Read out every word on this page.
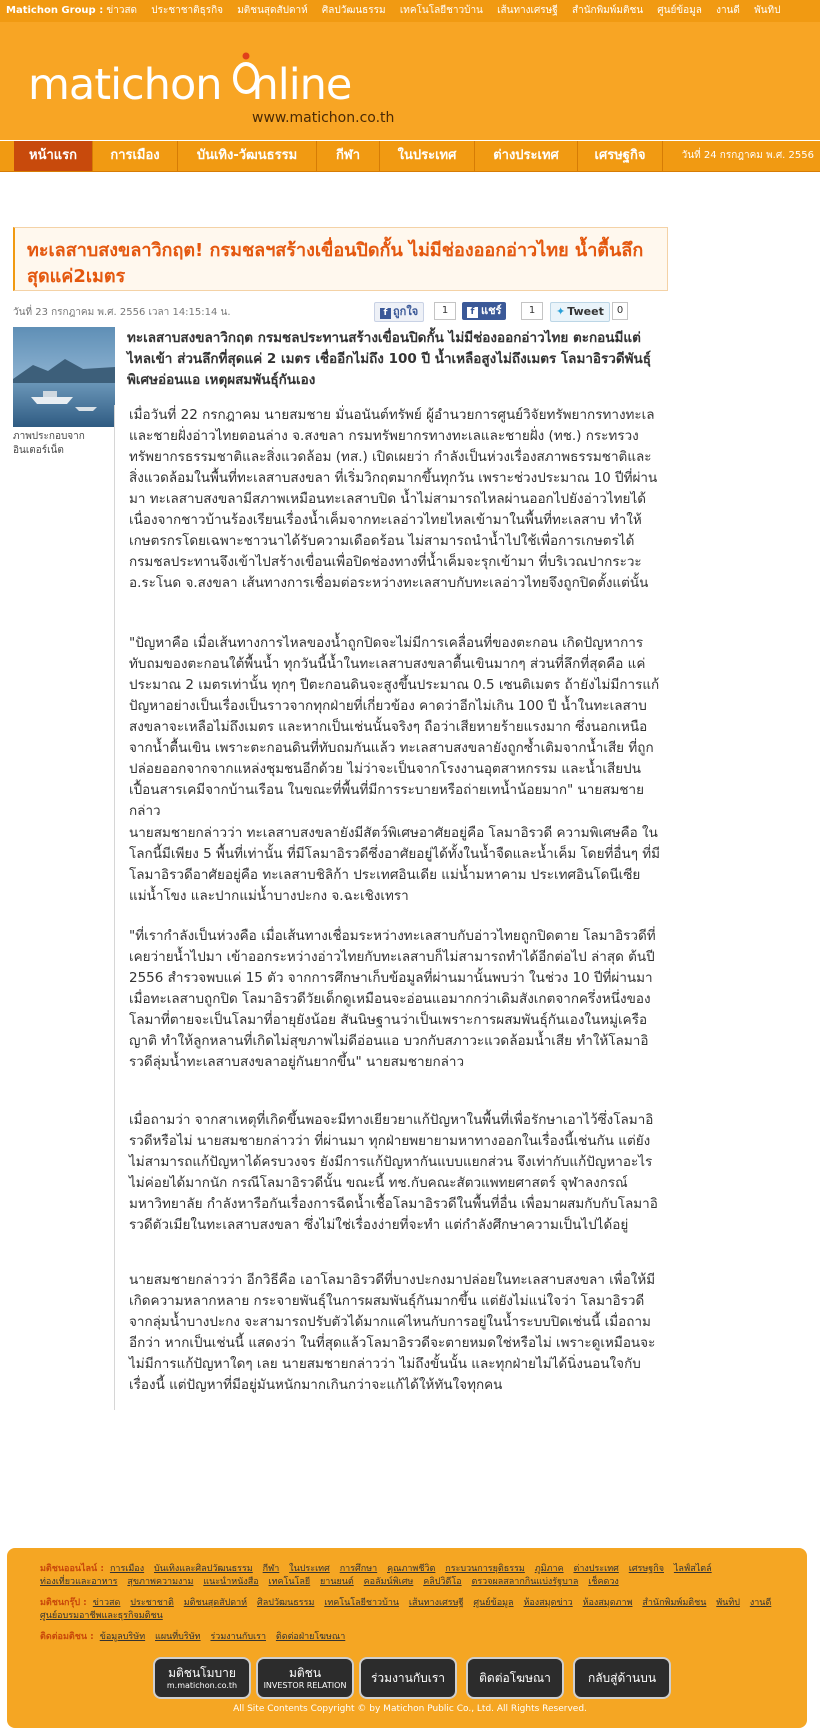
Matichon Group : ข่าวสด ประชาชาติธุรกิจ มติชนสุดสัปดาห์ ศิลปวัฒนธรรม เทคโนโลยีชาวบ้าน เส้นทางเศรษฐี สำนักพิมพ์มติชน ศูนย์ข้อมูล งานดี พันทิป
matichon nline
www.matichon.co.th
หน้าแรก	การเมือง	บันเทิง-วัฒนธรรม	กีฬา	ในประเทศ	ต่างประเทศ	เศรษฐกิจ	วันที่ 24 กรกฎาคม พ.ศ. 2556
ทะเลสาบสงขลาวิกฤต! กรมชลฯสร้างเขื่อนปิดกั้น ไม่มีช่องออกอ่าวไทย น้ำตื้นลึกสุดแค่2เมตร
วันที่ 23 กรกฎาคม พ.ศ. 2556 เวลา 14:15:14 น.	f ถูกใจ	1	f แชร์	1	✦ Tweet	0
ภาพประกอบจากอินเตอร์เน็ต
ทะเลสาบสงขลาวิกฤต กรมชลประทานสร้างเขื่อนปิดกั้น ไม่มีช่องออกอ่าวไทย ตะกอนมีแต่ไหลเข้า ส่วนลึกที่สุดแค่ 2 เมตร เชื่ออีกไม่ถึง 100 ปี น้ำเหลือสูงไม่ถึงเมตร โลมาอิรวดีพันธุ์พิเศษอ่อนแอ เหตุผสมพันธุ์กันเอง
เมื่อวันที่ 22 กรกฎาคม นายสมชาย มั่นอนันต์ทรัพย์ ผู้อำนวยการศูนย์วิจัยทรัพยากรทางทะเลและชายฝั่งอ่าวไทยตอนล่าง จ.สงขลา กรมทรัพยากรทางทะเลและชายฝั่ง (ทช.) กระทรวงทรัพยากรธรรมชาติและสิ่งแวดล้อม (ทส.) เปิดเผยว่า กำลังเป็นห่วงเรื่องสภาพธรรมชาติและสิ่งแวดล้อมในพื้นที่ทะเลสาบสงขลา ที่เริ่มวิกฤตมากขึ้นทุกวัน เพราะช่วงประมาณ 10 ปีที่ผ่านมา ทะเลสาบสงขลามีสภาพเหมือนทะเลสาบปิด น้ำไม่สามารถไหลผ่านออกไปยังอ่าวไทยได้ เนื่องจากชาวบ้านร้องเรียนเรื่องน้ำเค็มจากทะเลอ่าวไทยไหลเข้ามาในพื้นที่ทะเลสาบ ทำให้เกษตรกรโดยเฉพาะชาวนาได้รับความเดือดร้อน ไม่สามารถนำน้ำไปใช้เพื่อการเกษตรได้ กรมชลประทานจึงเข้าไปสร้างเขื่อนเพื่อปิดช่องทางที่น้ำเค็มจะรุกเข้ามา ที่บริเวณปากระวะ อ.ระโนด จ.สงขลา เส้นทางการเชื่อมต่อระหว่างทะเลสาบกับทะเลอ่าวไทยจึงถูกปิดตั้งแต่นั้น
"ปัญหาคือ เมื่อเส้นทางการไหลของน้ำถูกปิดจะไม่มีการเคลื่อนที่ของตะกอน เกิดปัญหาการทับถมของตะกอนใต้พื้นน้ำ ทุกวันนี้น้ำในทะเลสาบสงขลาตื้นเขินมากๆ ส่วนที่ลึกที่สุดคือ แค่ประมาณ 2 เมตรเท่านั้น ทุกๆ ปีตะกอนดินจะสูงขึ้นประมาณ 0.5 เซนติเมตร ถ้ายังไม่มีการแก้ปัญหาอย่างเป็นเรื่องเป็นราวจากทุกฝ่ายที่เกี่ยวข้อง คาดว่าอีกไม่เกิน 100 ปี น้ำในทะเลสาบสงขลาจะเหลือไม่ถึงเมตร และหากเป็นเช่นนั้นจริงๆ ถือว่าเสียหายร้ายแรงมาก ซึ่งนอกเหนือจากน้ำตื้นเขิน เพราะตะกอนดินที่ทับถมกันแล้ว ทะเลสาบสงขลายังถูกซ้ำเติมจากน้ำเสีย ที่ถูกปล่อยออกจากจากแหล่งชุมชนอีกด้วย ไม่ว่าจะเป็นจากโรงงานอุตสาหกรรม และน้ำเสียปนเปื้อนสารเคมีจากบ้านเรือน ในขณะที่พื้นที่มีการระบายหรือถ่ายเทน้ำน้อยมาก" นายสมชายกล่าว
นายสมชายกล่าวว่า ทะเลสาบสงขลายังมีสัตว์พิเศษอาศัยอยู่คือ โลมาอิรวดี ความพิเศษคือ ในโลกนี้มีเพียง 5 พื้นที่เท่านั้น ที่มีโลมาอิรวดีซึ่งอาศัยอยู่ได้ทั้งในน้ำจืดและน้ำเค็ม โดยที่อื่นๆ ที่มีโลมาอิรวดีอาศัยอยู่คือ ทะเลสาบชิลิก้า ประเทศอินเดีย แม่น้ำมหาคาม ประเทศอินโดนีเซีย แม่น้ำโขง และปากแม่น้ำบางปะกง จ.ฉะเชิงเทรา
"ที่เรากำลังเป็นห่วงคือ เมื่อเส้นทางเชื่อมระหว่างทะเลสาบกับอ่าวไทยถูกปิดตาย โลมาอิรวดีที่เคยว่ายน้ำไปมา เข้าออกระหว่างอ่าวไทยกับทะเลสาบก็ไม่สามารถทำได้อีกต่อไป ล่าสุด ต้นปี 2556 สำรวจพบแค่ 15 ตัว จากการศึกษาเก็บข้อมูลที่ผ่านมานั้นพบว่า ในช่วง 10 ปีที่ผ่านมา เมื่อทะเลสาบถูกปิด โลมาอิรวดีวัยเด็กดูเหมือนจะอ่อนแอมากกว่าเดิมสังเกตจากครึ่งหนึ่งของโลมาที่ตายจะเป็นโลมาที่อายุยังน้อย สันนิษฐานว่าเป็นเพราะการผสมพันธุ์กันเองในหมู่เครือญาติ ทำให้ลูกหลานที่เกิดไม่สุขภาพไม่ดีอ่อนแอ บวกกับสภาวะแวดล้อมน้ำเสีย ทำให้โลมาอิรวดีลุ่มน้ำทะเลสาบสงขลาอยู่กันยากขึ้น" นายสมชายกล่าว
เมื่อถามว่า จากสาเหตุที่เกิดขึ้นพอจะมีทางเยียวยาแก้ปัญหาในพื้นที่เพื่อรักษาเอาไว้ซึ่งโลมาอิรวดีหรือไม่ นายสมชายกล่าวว่า ที่ผ่านมา ทุกฝ่ายพยายามหาทางออกในเรื่องนี้เช่นกัน แต่ยังไม่สามารถแก้ปัญหาได้ครบวงจร ยังมีการแก้ปัญหากันแบบแยกส่วน จึงเท่ากับแก้ปัญหาอะไรไม่ค่อยได้มากนัก กรณีโลมาอิรวดีนั้น ขณะนี้ ทช.กับคณะสัตวแพทยศาสตร์ จุฬาลงกรณ์มหาวิทยาลัย กำลังหารือกันเรื่องการฉีดน้ำเชื้อโลมาอิรวดีในพื้นที่อื่น เพื่อมาผสมกับกับโลมาอิรวดีตัวเมียในทะเลสาบสงขลา ซึ่งไม่ใช่เรื่องง่ายที่จะทำ แต่กำลังศึกษาความเป็นไปได้อยู่
นายสมชายกล่าวว่า อีกวิธีคือ เอาโลมาอิรวดีที่บางปะกงมาปล่อยในทะเลสาบสงขลา เพื่อให้มีเกิดความหลากหลาย กระจายพันธุ์ในการผสมพันธุ์กันมากขึ้น แต่ยังไม่แน่ใจว่า โลมาอิรวดีจากลุ่มน้ำบางปะกง จะสามารถปรับตัวได้มากแค่ไหนกับการอยู่ในน้ำระบบปิดเช่นนี้ เมื่อถามอีกว่า หากเป็นเช่นนี้ แสดงว่า ในที่สุดแล้วโลมาอิรวดีจะตายหมดใช่หรือไม่ เพราะดูเหมือนจะไม่มีการแก้ปัญหาใดๆ เลย นายสมชายกล่าวว่า ไม่ถึงขั้นนั้น และทุกฝ่ายไม่ได้นิ่งนอนใจกับเรื่องนี้ แต่ปัญหาที่มีอยู่มันหนักมากเกินกว่าจะแก้ได้ให้ทันใจทุกคน
มติชนออนไลน์ : การเมือง บันเทิงและศิลปวัฒนธรรม กีฬา ในประเทศ การศึกษา คุณภาพชีวิต กระบวนการยุติธรรม ภูมิภาค ต่างประเทศ เศรษฐกิจ ไลฟ์สไตล์ ท่องเที่ยวและอาหาร สุขภาพความงาม แนะนำหนังสือ เทคโนโลยี ยานยนต์ คอลัมน์พิเศษ คลิปวิดีโอ ตรวจผลสลากกินแบ่งรัฐบาล เช็คดวง
มติชนกรุ๊ป : ข่าวสด ประชาชาติ มติชนสุดสัปดาห์ ศิลปวัฒนธรรม เทคโนโลยีชาวบ้าน เส้นทางเศรษฐี ศูนย์ข้อมูล ห้องสมุดข่าว ห้องสมุดภาพ สำนักพิมพ์มติชน พันทิป งานดี ศูนย์อบรมอาชีพและธุรกิจมติชน
ติดต่อมติชน : ข้อมูลบริษัท แผนที่บริษัท ร่วมงานกับเรา ติดต่อฝ่ายโฆษณา
มติชนโมบาย
m.matichon.co.th
มติชน
INVESTOR RELATION
ร่วมงานกับเรา	ติดต่อโฆษณา	กลับสู่ด้านบน
All Site Contents Copyright © by Matichon Public Co., Ltd. All Rights Reserved.
